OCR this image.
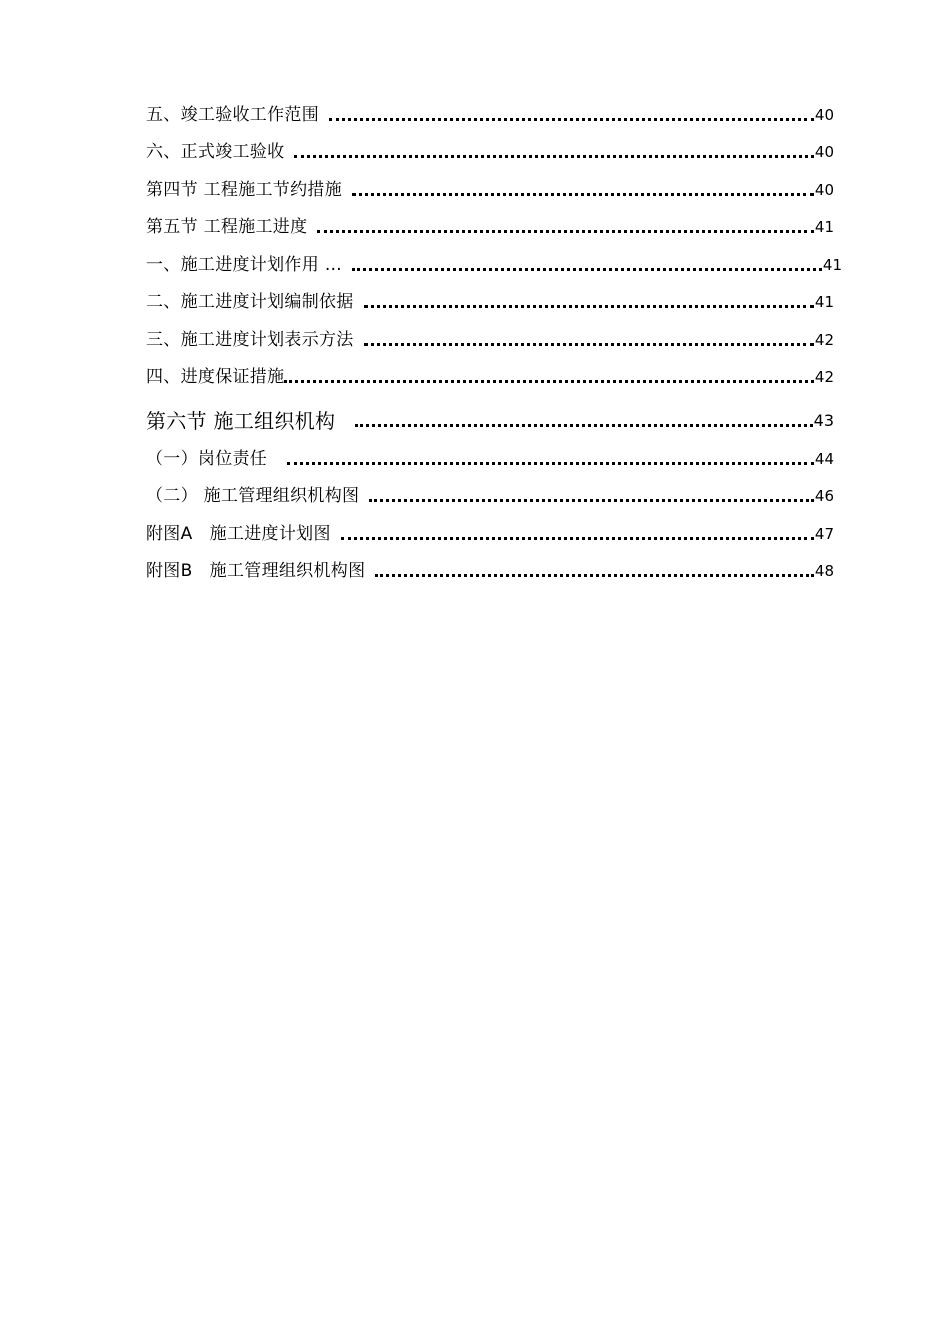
五、竣工验收工作范围	40
六、正式竣工验收	40
第四节 工程施工节约措施	40
第五节 工程施工进度	41
一、施工进度计划作用 …	41
二、施工进度计划编制依据	41
三、施工进度计划表示方法	42
四、进度保证措施	42
第六节 施工组织机构	43
（一）岗位责任	44
（二） 施工管理组织机构图	46
附图A   施工进度计划图	47
附图B   施工管理组织机构图	48
